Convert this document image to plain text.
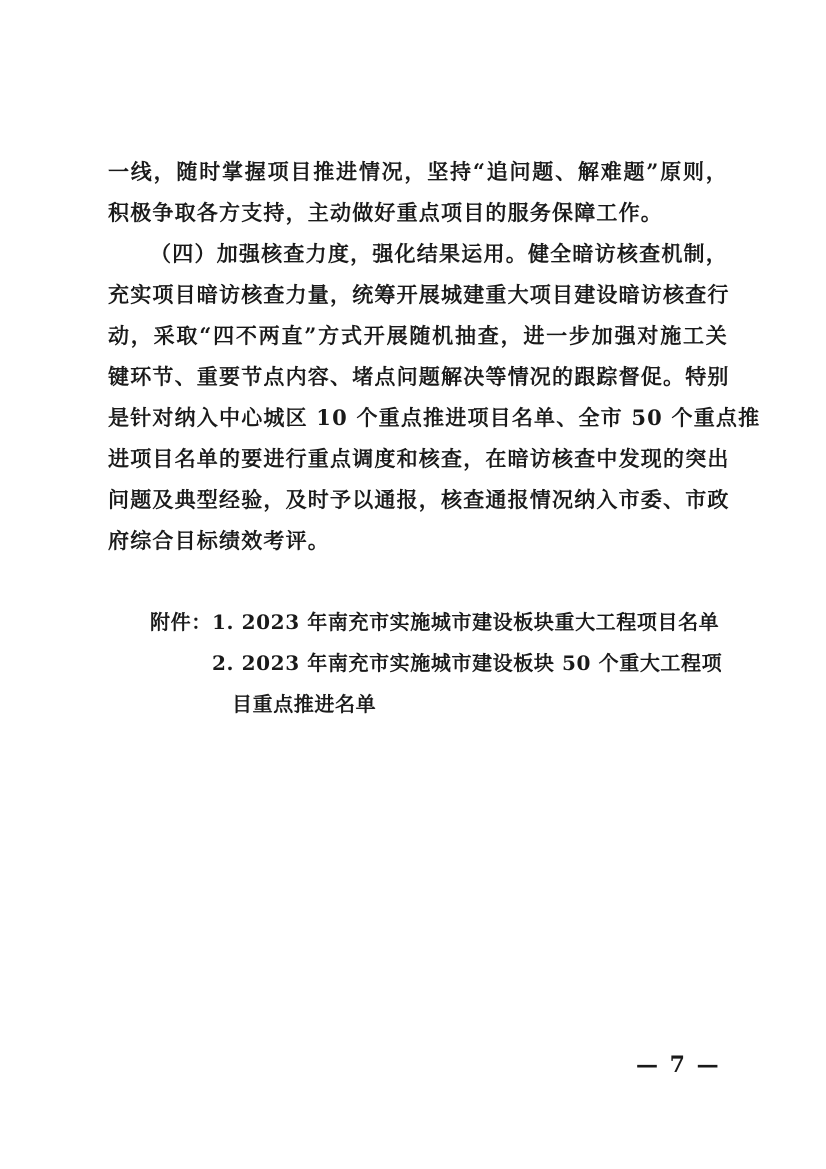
一线，随时掌握项目推进情况，坚持“追问题、解难题”原则，
积极争取各方支持，主动做好重点项目的服务保障工作。
（四）加强核查力度，强化结果运用。健全暗访核查机制，
充实项目暗访核查力量，统筹开展城建重大项目建设暗访核查行
动，采取“四不两直”方式开展随机抽查，进一步加强对施工关
键环节、重要节点内容、堵点问题解决等情况的跟踪督促。特别
是针对纳入中心城区 10 个重点推进项目名单、全市 50 个重点推
进项目名单的要进行重点调度和核查，在暗访核查中发现的突出
问题及典型经验，及时予以通报，核查通报情况纳入市委、市政
府综合目标绩效考评。
附件： 1. 2023 年南充市实施城市建设板块重大工程项目名单
2. 2023 年南充市实施城市建设板块 50 个重大工程项
目重点推进名单
— 7 —
